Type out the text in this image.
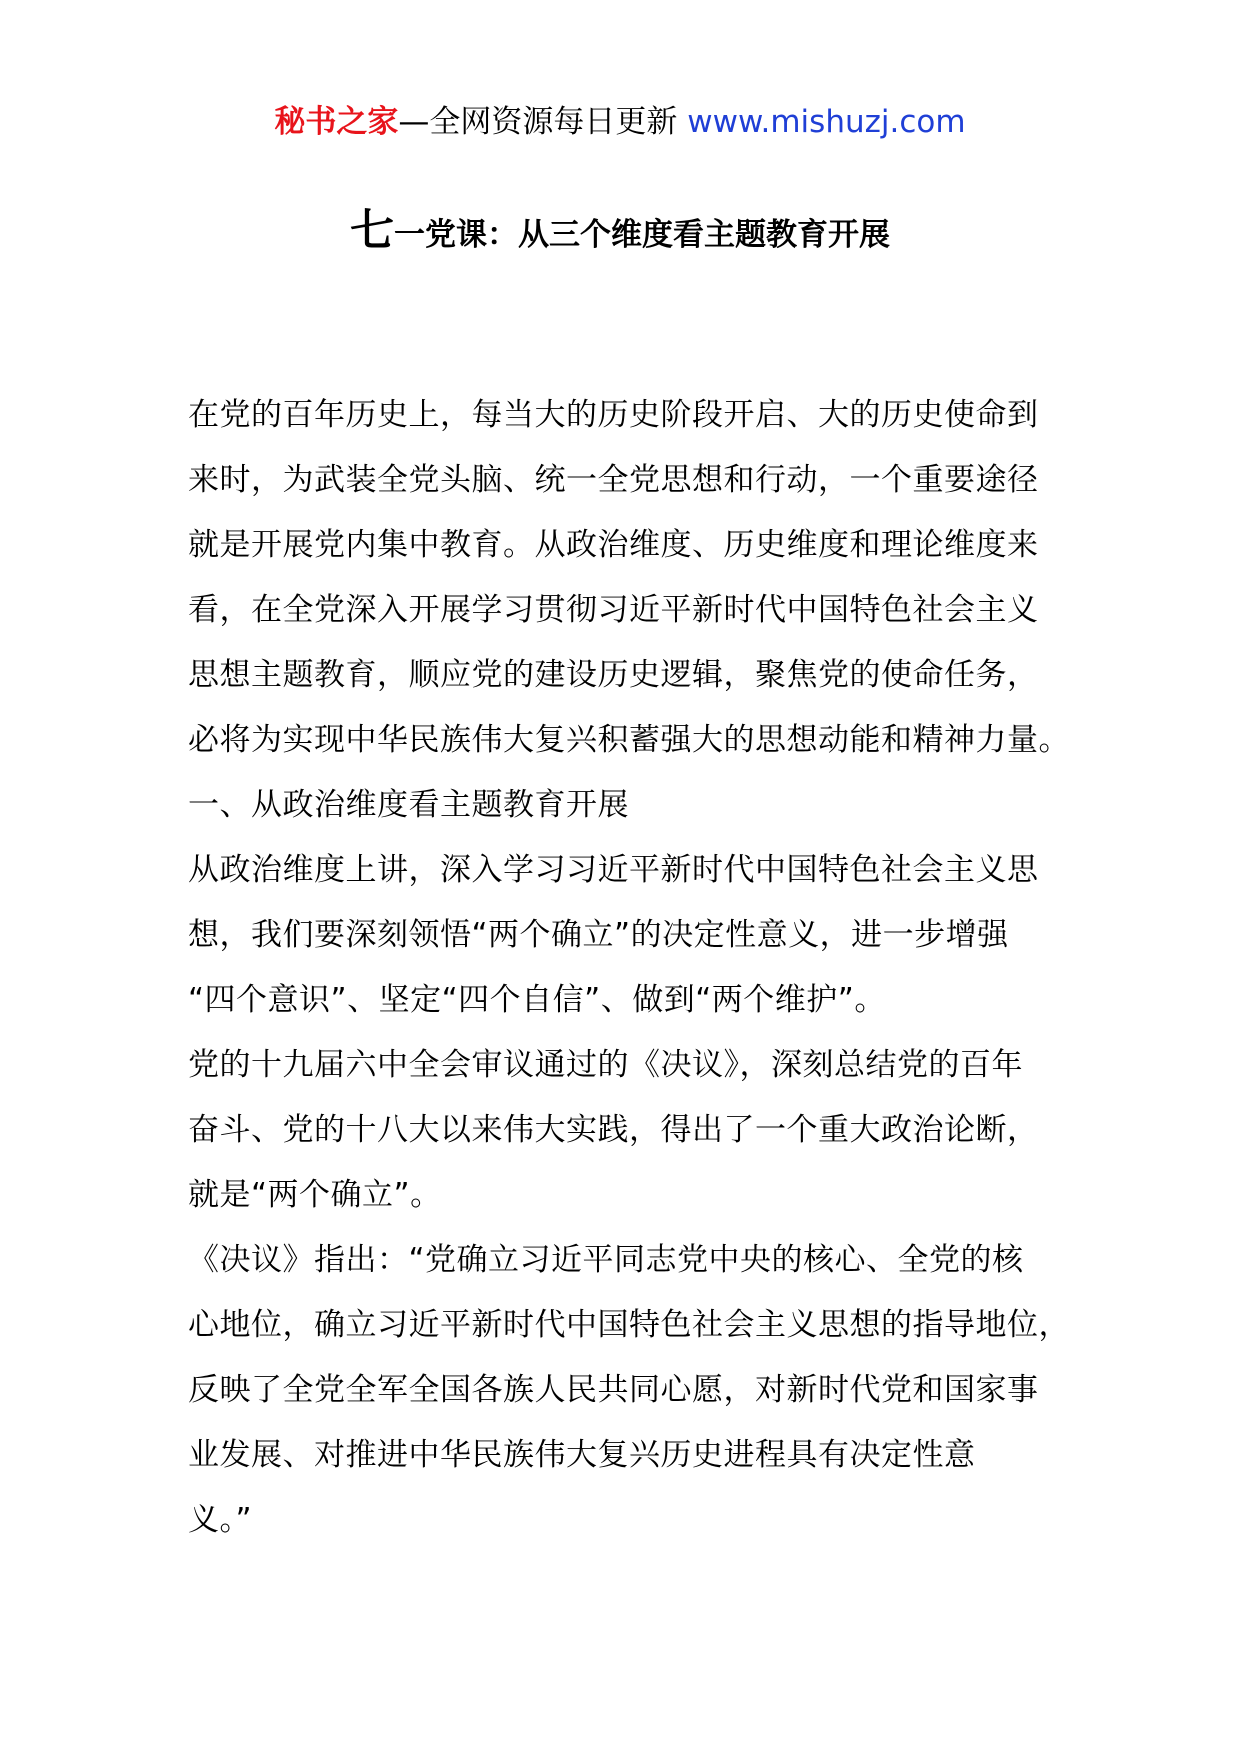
秘书之家—全网资源每日更新 www.mishuzj.com
七一党课：从三个维度看主题教育开展
在党的百年历史上，每当大的历史阶段开启、大的历史使命到
来时，为武装全党头脑、统一全党思想和行动，一个重要途径
就是开展党内集中教育。从政治维度、历史维度和理论维度来
看，在全党深入开展学习贯彻习近平新时代中国特色社会主义
思想主题教育，顺应党的建设历史逻辑，聚焦党的使命任务，
必将为实现中华民族伟大复兴积蓄强大的思想动能和精神力量。
一、从政治维度看主题教育开展
从政治维度上讲，深入学习习近平新时代中国特色社会主义思
想，我们要深刻领悟“两个确立”的决定性意义，进一步增强
“四个意识”、坚定“四个自信”、做到“两个维护”。
党的十九届六中全会审议通过的《决议》，深刻总结党的百年
奋斗、党的十八大以来伟大实践，得出了一个重大政治论断，
就是“两个确立”。
《决议》指出：“党确立习近平同志党中央的核心、全党的核
心地位，确立习近平新时代中国特色社会主义思想的指导地位，
反映了全党全军全国各族人民共同心愿，对新时代党和国家事
业发展、对推进中华民族伟大复兴历史进程具有决定性意
义。”
